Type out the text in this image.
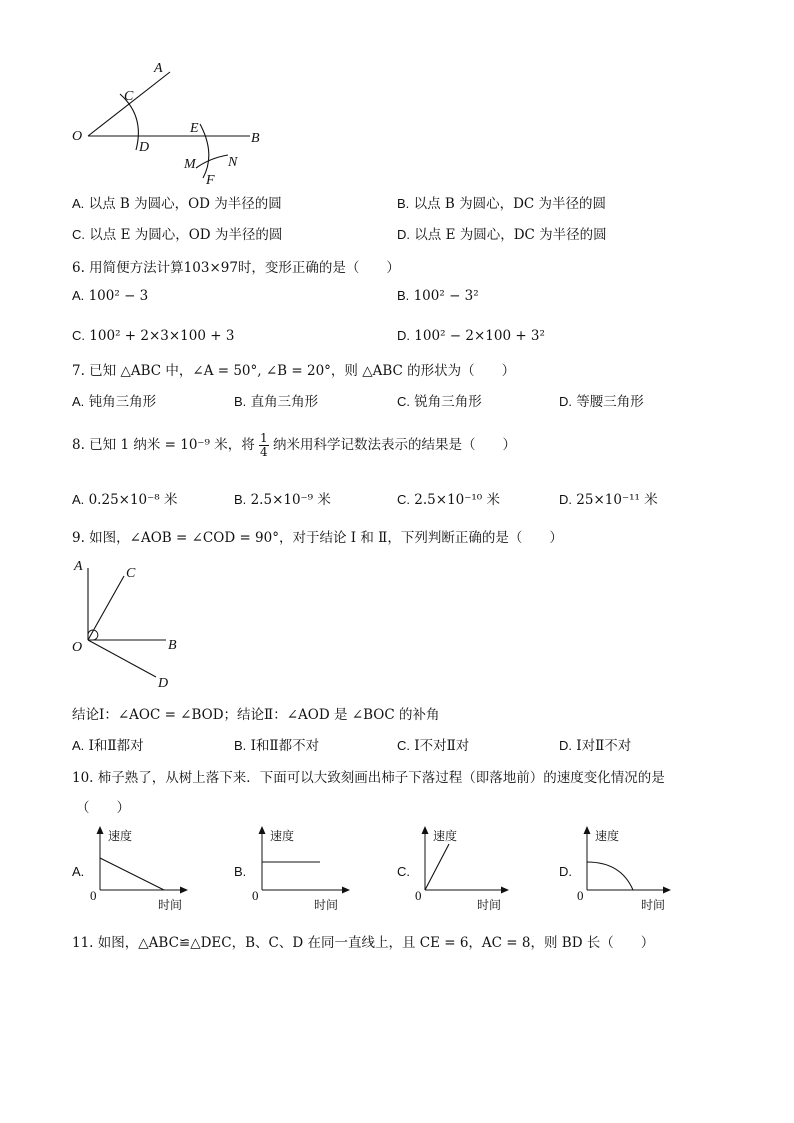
A
C
O
D
E
B
M N
F
A. 以点 B 为圆心，OD 为半径的圆	B. 以点 B 为圆心，DC 为半径的圆
C. 以点 E 为圆心，OD 为半径的圆	D. 以点 E 为圆心，DC 为半径的圆
6. 用简便方法计算103×97时，变形正确的是（　　）
A. 100² − 3	B. 100² − 3²
C. 100² + 2×3×100 + 3	D. 100² − 2×100 + 3²
7. 已知 △ABC 中，∠A = 50°, ∠B = 20°，则 △ABC 的形状为（　　）
A. 钝角三角形	B. 直角三角形	C. 锐角三角形	D. 等腰三角形
8. 已知 1 纳米 = 10⁻⁹ 米，将 $\frac{1}{4}$ 纳米用科学记数法表示的结果是（　　）
A. 0.25×10⁻⁸ 米	B. 2.5×10⁻⁹ 米	C. 2.5×10⁻¹⁰ 米	D. 25×10⁻¹¹ 米
9. 如图，∠AOB = ∠COD = 90°，对于结论 Ⅰ 和 Ⅱ，下列判断正确的是（　　）
A	C
O	B
D
结论Ⅰ：∠AOC = ∠BOD；结论Ⅱ：∠AOD 是 ∠BOC 的补角
A. Ⅰ和Ⅱ都对	B. Ⅰ和Ⅱ都不对	C. Ⅰ不对Ⅱ对	D. Ⅰ对Ⅱ不对
10. 柿子熟了，从树上落下来．下面可以大致刻画出柿子下落过程（即落地前）的速度变化情况的是
（　　）
A.
速度
时间
0
B.
速度
时间
0
C.
速度
时间
0
D.
速度
时间
0
11. 如图，△ABC≌△DEC，B、C、D 在同一直线上，且 CE = 6，AC = 8，则 BD 长（　　）
